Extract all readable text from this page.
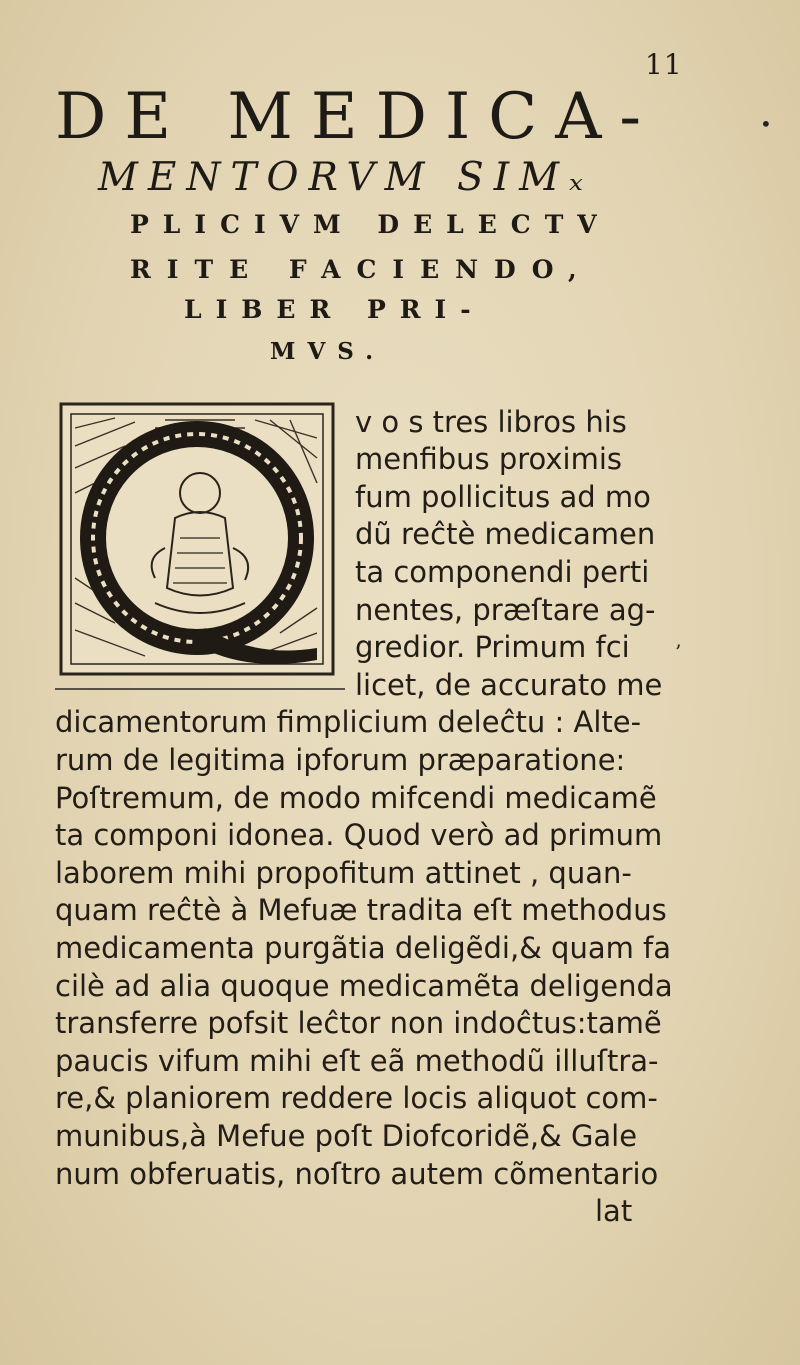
11
DE MEDICA-
MENTORVM SIMₓ
PLICIVM DELECTV
RITE FACIENDO,
LIBER PRI-
MVS.
•
’
v o s tres libros his
menfibus proximis
fum pollicitus ad mo
dũ reĉtè medicamen
ta componendi perti
nentes, præſtare ag‐
gredior. Primum fci
licet, de accurato me
dicamentorum fimplicium deleĉtu : Alte‐
rum de legitima ipforum præparatione:
Poſtremum, de modo mifcendi medicamẽ
ta componi idonea. Quod verò ad primum
laborem mihi propofitum attinet , quan‐
quam reĉtè à Mefuæ tradita eſt methodus
medicamenta purgãtia deligẽdi,& quam fa
cilè ad alia quoque medicamẽta deligenda
transferre pofsit leĉtor non indoĉtus:tamẽ
paucis vifum mihi eſt eã methodũ illuſtra‐
re,& planiorem reddere locis aliquot com‐
munibus,à Mefue poſt Diofcoridẽ,& Gale
num obferuatis, noſtro autem cõmentario
lat
